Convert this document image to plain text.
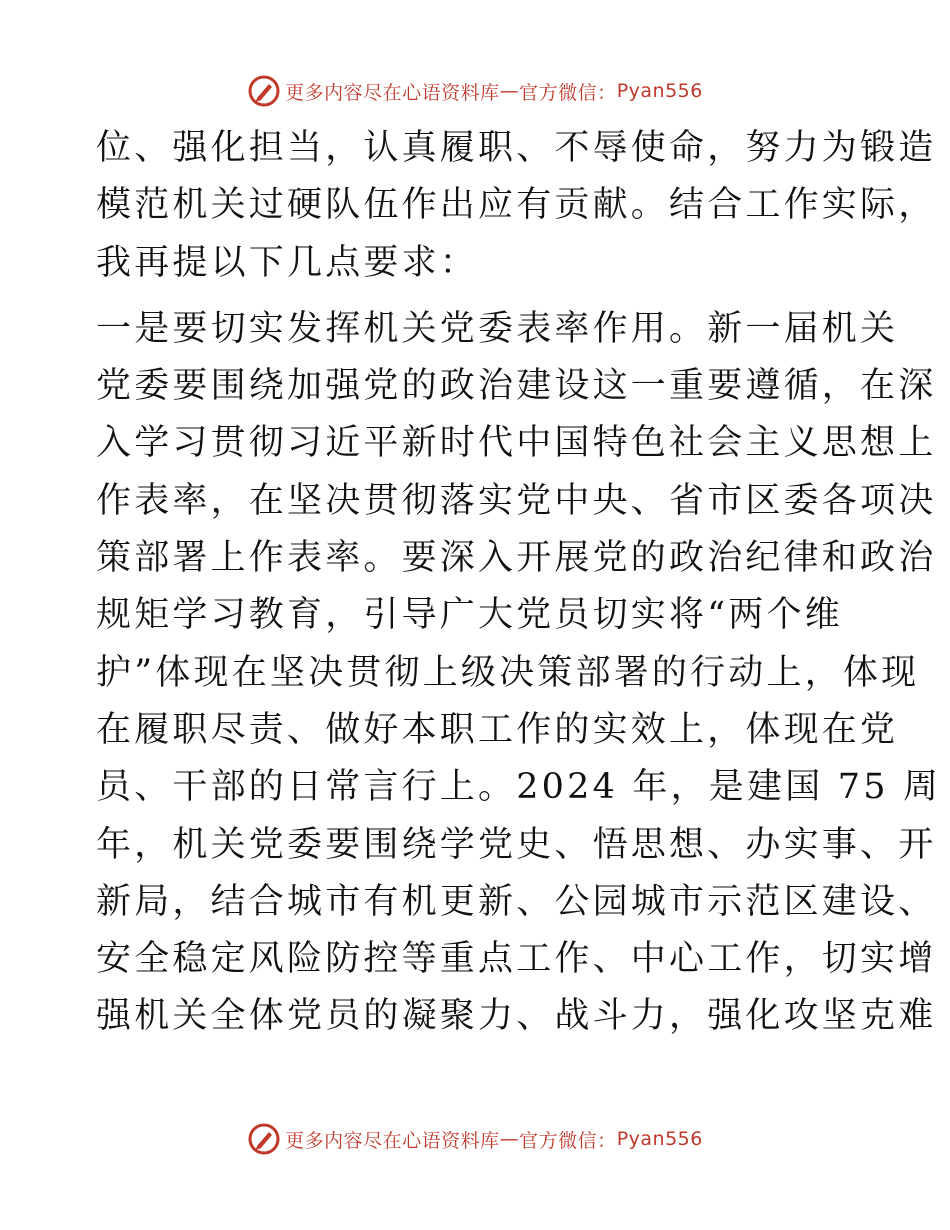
更多内容尽在心语资料库 — 官方微信： Pyan556
位、强化担当，认真履职、不辱使命，努力为锻造
模范机关过硬队伍作出应有贡献。结合工作实际，
我再提以下几点要求：
一是要切实发挥机关党委表率作用。新一届机关
党委要围绕加强党的政治建设这一重要遵循，在深
入学习贯彻习近平新时代中国特色社会主义思想上
作表率，在坚决贯彻落实党中央、省市区委各项决
策部署上作表率。要深入开展党的政治纪律和政治
规矩学习教育，引导广大党员切实将“两个维
护”体现在坚决贯彻上级决策部署的行动上，体现
在履职尽责、做好本职工作的实效上，体现在党
员、干部的日常言行上。2024 年，是建国 75 周
年，机关党委要围绕学党史、悟思想、办实事、开
新局，结合城市有机更新、公园城市示范区建设、
安全稳定风险防控等重点工作、中心工作，切实增
强机关全体党员的凝聚力、战斗力，强化攻坚克难
更多内容尽在心语资料库 — 官方微信： Pyan556
